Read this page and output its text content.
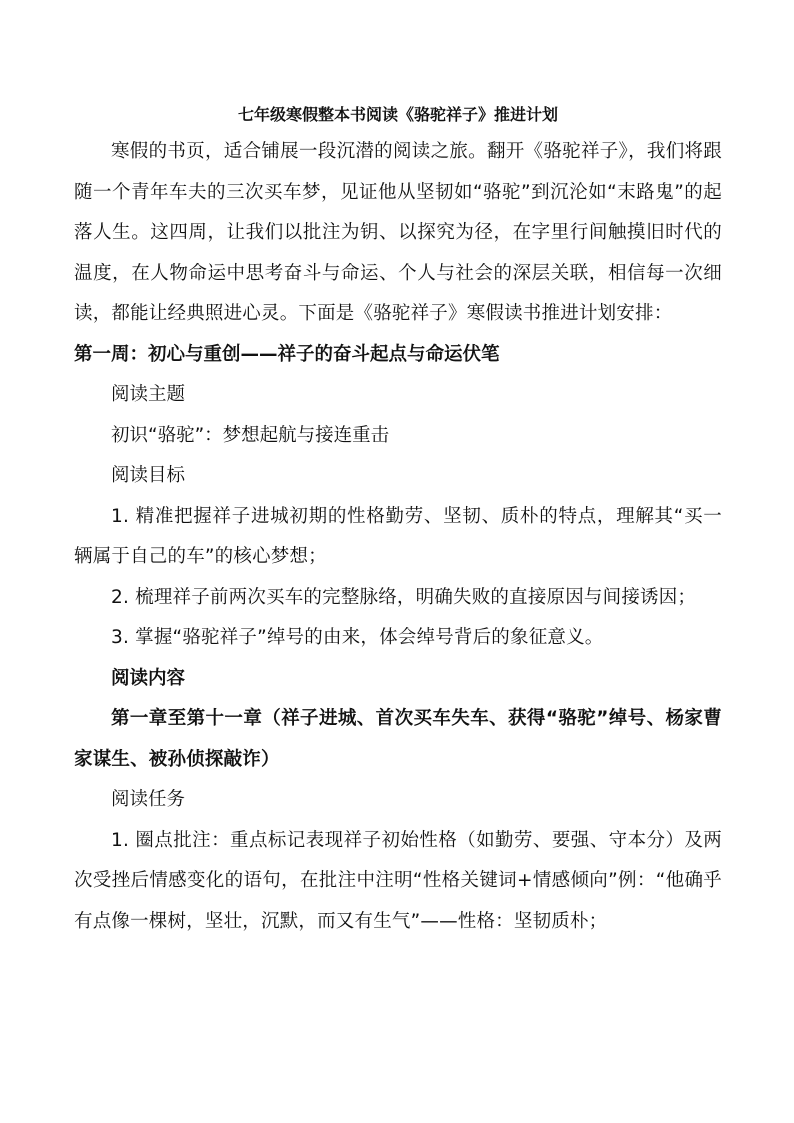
七年级寒假整本书阅读《骆驼祥子》推进计划

寒假的书页，适合铺展一段沉潜的阅读之旅。翻开《骆驼祥子》，我们将跟随一个青年车夫的三次买车梦，见证他从坚韧如“骆驼”到沉沦如“末路鬼”的起落人生。这四周，让我们以批注为钥、以探究为径，在字里行间触摸旧时代的温度，在人物命运中思考奋斗与命运、个人与社会的深层关联，相信每一次细读，都能让经典照进心灵。下面是《骆驼祥子》寒假读书推进计划安排：

第一周：初心与重创——祥子的奋斗起点与命运伏笔

阅读主题

初识“骆驼”：梦想起航与接连重击

阅读目标

1. 精准把握祥子进城初期的性格勤劳、坚韧、质朴的特点，理解其“买一辆属于自己的车”的核心梦想；

2. 梳理祥子前两次买车的完整脉络，明确失败的直接原因与间接诱因；

3. 掌握“骆驼祥子”绰号的由来，体会绰号背后的象征意义。

阅读内容

第一章至第十一章（祥子进城、首次买车失车、获得“骆驼”绰号、杨家曹家谋生、被孙侦探敲诈）

阅读任务

1. 圈点批注：重点标记表现祥子初始性格（如勤劳、要强、守本分）及两次受挫后情感变化的语句，在批注中注明“性格关键词+情感倾向”例：“他确乎有点像一棵树，坚壮，沉默，而又有生气”——性格：坚韧质朴；
